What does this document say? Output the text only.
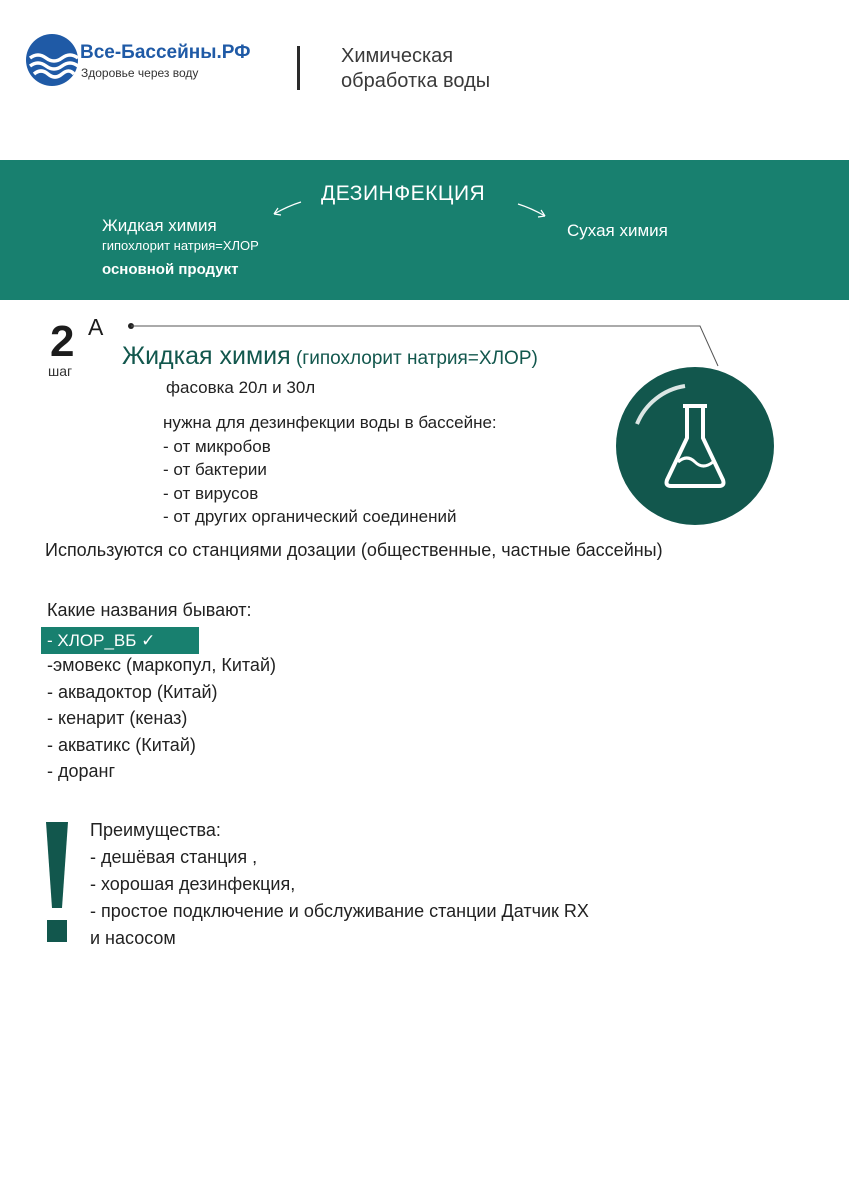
Все-Бассейны.РФ
Здоровье через воду
Химическая
обработка воды
ДЕЗИНФЕКЦИЯ
Жидкая химия
гипохлорит натрия=ХЛОР
основной продукт
Сухая химия
2 А
шаг
Жидкая химия (гипохлорит натрия=ХЛОР)
фасовка 20л и 30л
нужна для дезинфекции воды в бассейне:
- от микробов
- от бактерии
- от вирусов
- от других органический соединений
Используются со станциями дозации (общественные, частные бассейны)
Какие названия бывают:
- ХЛОР_ВБ ✓
-эмовекс (маркопул, Китай)
- аквадоктор (Китай)
- кенарит (кеназ)
- акватикс (Китай)
- доранг
Преимущества:
- дешёвая станция ,
- хорошая дезинфекция,
- простое подключение и обслуживание станции Датчик RX
и насосом
